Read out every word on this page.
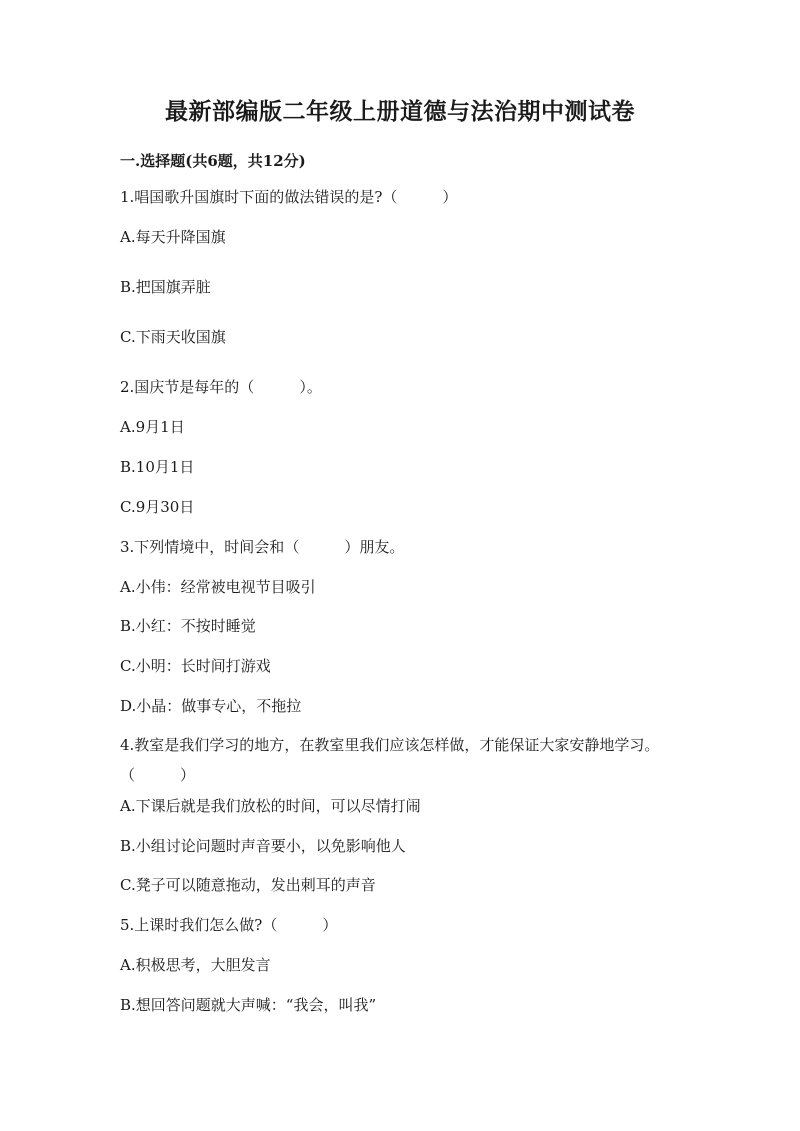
最新部编版二年级上册道德与法治期中测试卷
一.选择题(共6题，共12分)
1.唱国歌升国旗时下面的做法错误的是?（　　　）
A.每天升降国旗
B.把国旗弄脏
C.下雨天收国旗
2.国庆节是每年的（　　　）。
A.9月1日
B.10月1日
C.9月30日
3.下列情境中，时间会和（　　　）朋友。
A.小伟：经常被电视节目吸引
B.小红：不按时睡觉
C.小明：长时间打游戏
D.小晶：做事专心，不拖拉
4.教室是我们学习的地方，在教室里我们应该怎样做，才能保证大家安静地学习。（　　　）
A.下课后就是我们放松的时间，可以尽情打闹
B.小组讨论问题时声音要小，以免影响他人
C.凳子可以随意拖动，发出刺耳的声音
5.上课时我们怎么做?（　　　）
A.积极思考，大胆发言
B.想回答问题就大声喊：“我会，叫我”
